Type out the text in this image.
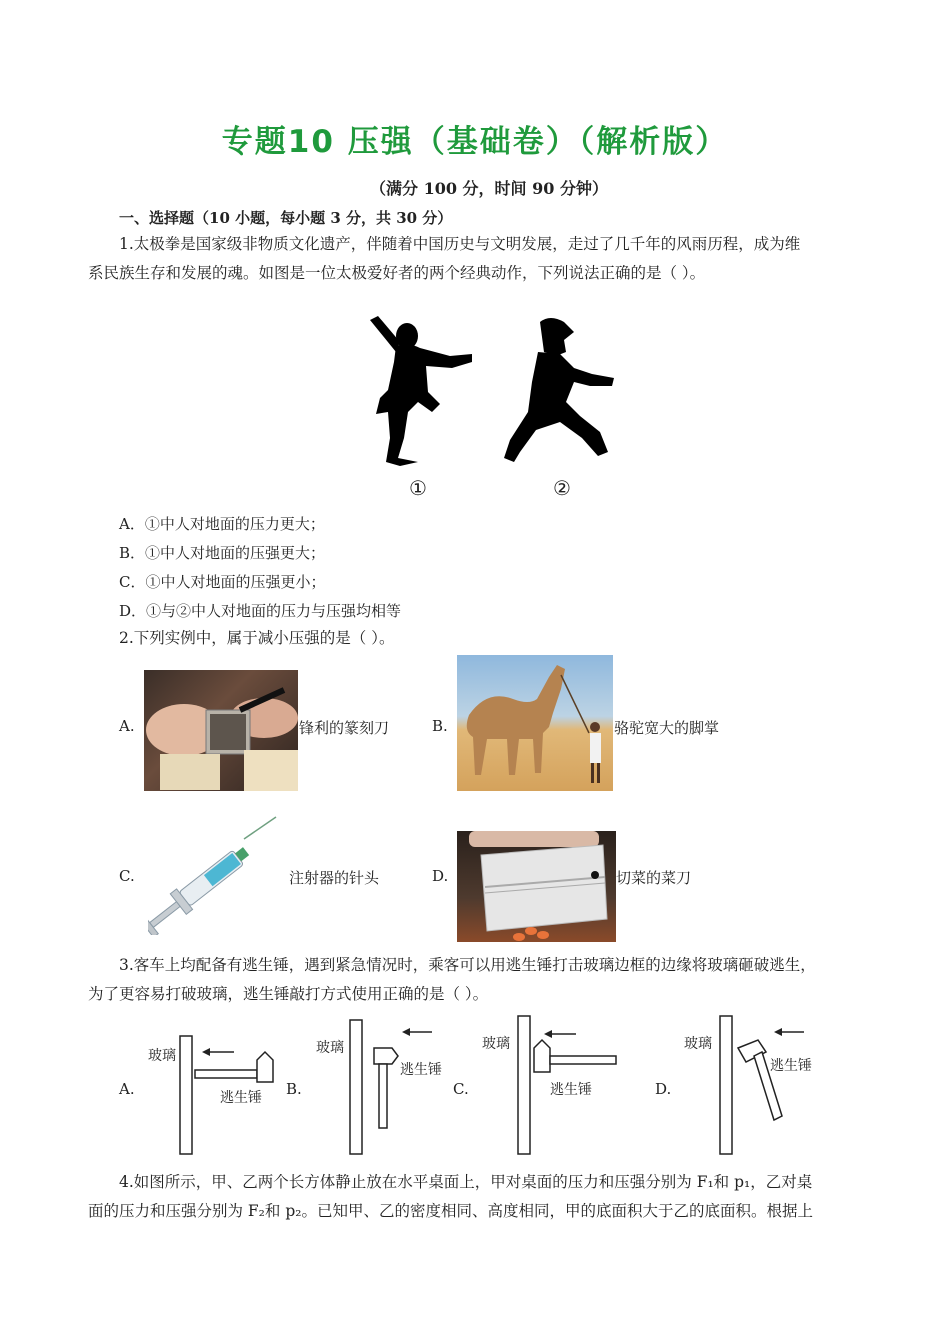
专题10 压强（基础卷）（解析版）
（满分 100 分，时间 90 分钟）
一、选择题（10 小题，每小题 3 分，共 30 分）
1.太极拳是国家级非物质文化遗产，伴随着中国历史与文明发展，走过了几千年的风雨历程，成为维
系民族生存和发展的魂。如图是一位太极爱好者的两个经典动作，下列说法正确的是（ ）。
①	②
A．①中人对地面的压力更大；
B．①中人对地面的压强更大；
C．①中人对地面的压强更小；
D．①与②中人对地面的压力与压强均相等
2.下列实例中，属于减小压强的是（ ）。
A.	锋利的篆刻刀	B.	骆驼宽大的脚掌
C.	注射器的针头	D.	切菜的菜刀
3.客车上均配备有逃生锤，遇到紧急情况时，乘客可以用逃生锤打击玻璃边框的边缘将玻璃砸破逃生，
为了更容易打破玻璃，逃生锤敲打方式使用正确的是（ ）。
A.
玻璃
逃生锤 B.
玻璃
逃生锤
C.
玻璃
逃生锤	D.
玻璃
逃生锤
4.如图所示，甲、乙两个长方体静止放在水平桌面上，甲对桌面的压力和压强分别为 F₁和 p₁，乙对桌
面的压力和压强分别为 F₂和 p₂。已知甲、乙的密度相同、高度相同，甲的底面积大于乙的底面积。根据上
